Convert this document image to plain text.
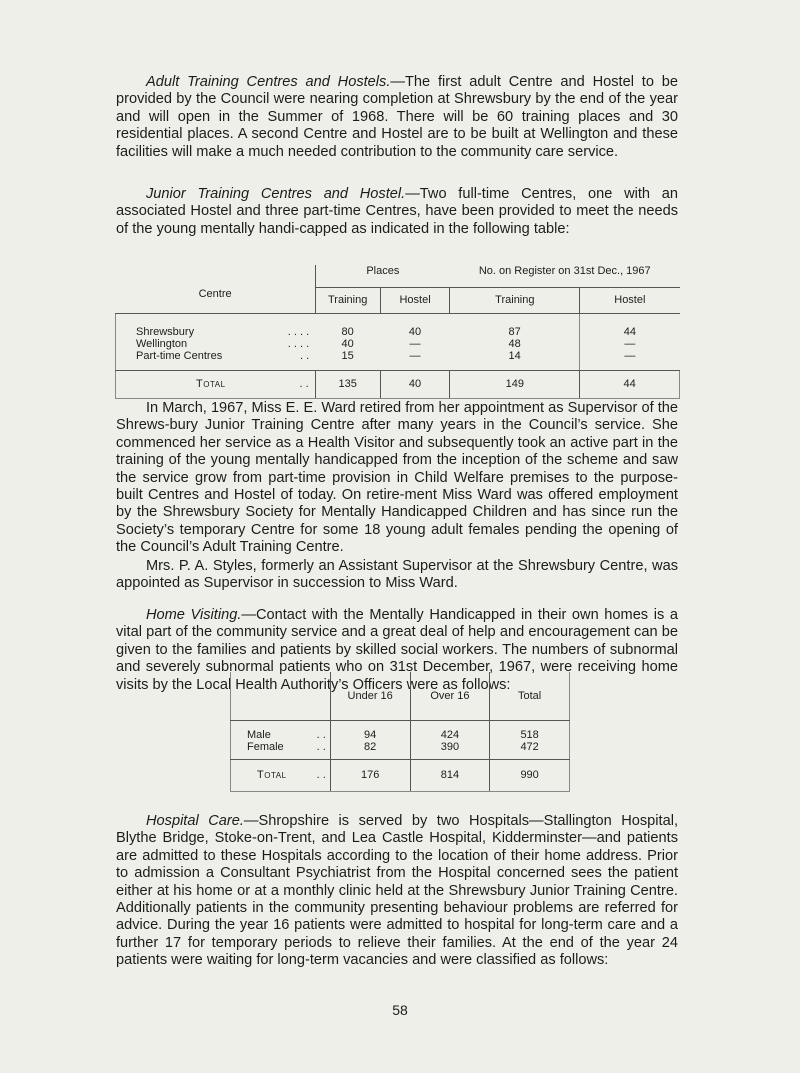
Adult Training Centres and Hostels.—The first adult Centre and Hostel to be provided by the Council were nearing completion at Shrewsbury by the end of the year and will open in the Summer of 1968. There will be 60 training places and 30 residential places. A second Centre and Hostel are to be built at Wellington and these facilities will make a much needed contribution to the community care service.

Junior Training Centres and Hostel.—Two full-time Centres, one with an associated Hostel and three part-time Centres, have been provided to meet the needs of the young mentally handi-capped as indicated in the following table:

Centre	Places		No. on Register on 31st Dec., 1967	
	Training	Hostel	Training	Hostel
Shrewsbury . . . .	80	40	87	44
Wellington . . . .	40	—	48	—
Part-time Centres . .	15	—	14	—
Total . .	135	40	149	44

In March, 1967, Miss E. E. Ward retired from her appointment as Supervisor of the Shrews-bury Junior Training Centre after many years in the Council’s service. She commenced her service as a Health Visitor and subsequently took an active part in the training of the young mentally handicapped from the inception of the scheme and saw the service grow from part-time provision in Child Welfare premises to the purpose-built Centres and Hostel of today. On retire-ment Miss Ward was offered employment by the Shrewsbury Society for Mentally Handicapped Children and has since run the Society’s temporary Centre for some 18 young adult females pending the opening of the Council’s Adult Training Centre.

Mrs. P. A. Styles, formerly an Assistant Supervisor at the Shrewsbury Centre, was appointed as Supervisor in succession to Miss Ward.

Home Visiting.—Contact with the Mentally Handicapped in their own homes is a vital part of the community service and a great deal of help and encouragement can be given to the families and patients by skilled social workers. The numbers of subnormal and severely subnormal patients who on 31st December, 1967, were receiving home visits by the Local Health Authority’s Officers were as follows:

	Under 16	Over 16	Total
Male . .	94	424	518
Female . .	82	390	472
Total . .	176	814	990

Hospital Care.—Shropshire is served by two Hospitals—Stallington Hospital, Blythe Bridge, Stoke-on-Trent, and Lea Castle Hospital, Kidderminster—and patients are admitted to these Hospitals according to the location of their home address. Prior to admission a Consultant Psychiatrist from the Hospital concerned sees the patient either at his home or at a monthly clinic held at the Shrewsbury Junior Training Centre. Additionally patients in the community presenting behaviour problems are referred for advice. During the year 16 patients were admitted to hospital for long-term care and a further 17 for temporary periods to relieve their families. At the end of the year 24 patients were waiting for long-term vacancies and were classified as follows:

58
